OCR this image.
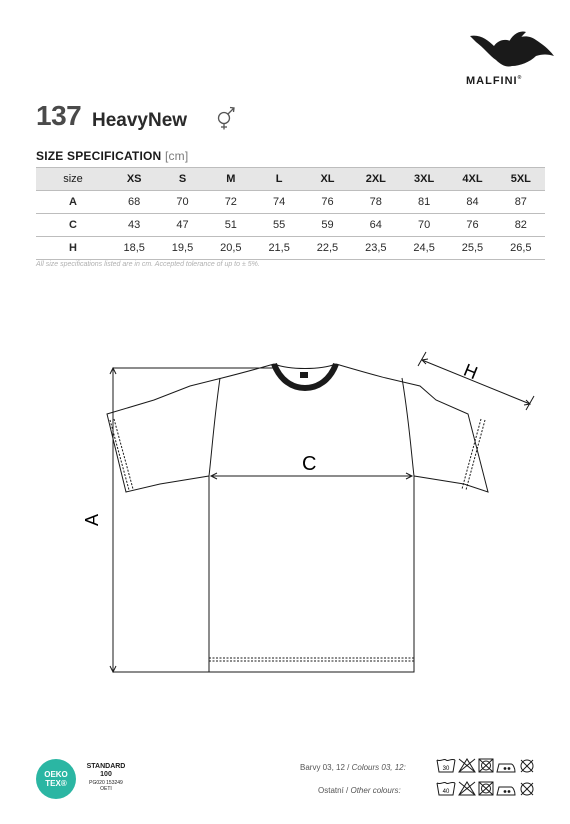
MALFINI®
137 HeavyNew
SIZE SPECIFICATION [cm]
size	XS	S	M	L	XL	2XL	3XL	4XL	5XL
A	68	70	72	74	76	78	81	84	87
C	43	47	51	55	59	64	70	76	82
H	18,5	19,5	20,5	21,5	22,5	23,5	24,5	25,5	26,5
All size specifications listed are in cm. Accepted tolerance of up to ± 5%.
A
C
H
OEKO
TEX®
STANDARD
100
PG020 153249
OETI
Barvy 03, 12 / Colours 03, 12:
Ostatní / Other colours:
30
40
